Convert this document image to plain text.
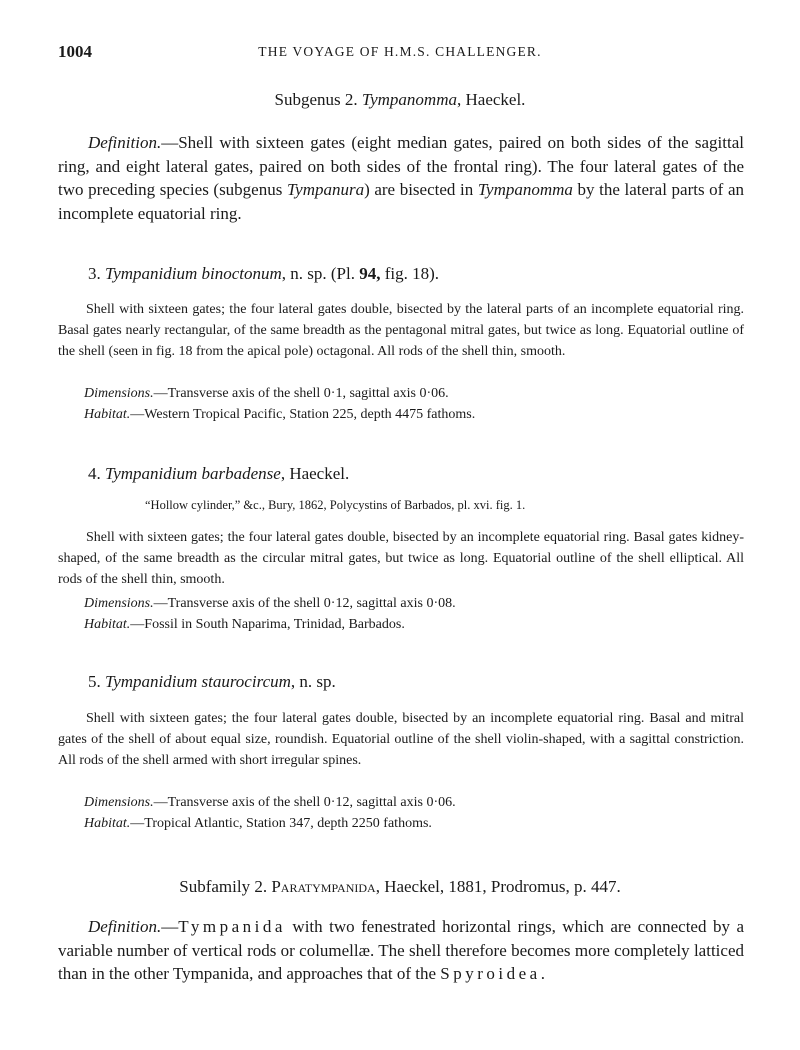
1004	THE VOYAGE OF H.M.S. CHALLENGER.
Subgenus 2. Tympanomma, Haeckel.

Definition.—Shell with sixteen gates (eight median gates, paired on both sides of the sagittal ring, and eight lateral gates, paired on both sides of the frontal ring). The four lateral gates of the two preceding species (subgenus Tympanura) are bisected in Tympanomma by the lateral parts of an incomplete equatorial ring.

3. Tympanidium binoctonum, n. sp. (Pl. 94, fig. 18).

Shell with sixteen gates; the four lateral gates double, bisected by the lateral parts of an incomplete equatorial ring. Basal gates nearly rectangular, of the same breadth as the pentagonal mitral gates, but twice as long. Equatorial outline of the shell (seen in fig. 18 from the apical pole) octagonal. All rods of the shell thin, smooth.

Dimensions.—Transverse axis of the shell 0·1, sagittal axis 0·06.
Habitat.—Western Tropical Pacific, Station 225, depth 4475 fathoms.
4. Tympanidium barbadense, Haeckel.
“Hollow cylinder,” &c., Bury, 1862, Polycystins of Barbados, pl. xvi. fig. 1.

Shell with sixteen gates; the four lateral gates double, bisected by an incomplete equatorial ring. Basal gates kidney-shaped, of the same breadth as the circular mitral gates, but twice as long. Equatorial outline of the shell elliptical. All rods of the shell thin, smooth.

Dimensions.—Transverse axis of the shell 0·12, sagittal axis 0·08.
Habitat.—Fossil in South Naparima, Trinidad, Barbados.
5. Tympanidium staurocircum, n. sp.

Shell with sixteen gates; the four lateral gates double, bisected by an incomplete equatorial ring. Basal and mitral gates of the shell of about equal size, roundish. Equatorial outline of the shell violin-shaped, with a sagittal constriction. All rods of the shell armed with short irregular spines.

Dimensions.—Transverse axis of the shell 0·12, sagittal axis 0·06.
Habitat.—Tropical Atlantic, Station 347, depth 2250 fathoms.
Subfamily 2. Paratympanida, Haeckel, 1881, Prodromus, p. 447.

Definition.—Tympanida with two fenestrated horizontal rings, which are connected by a variable number of vertical rods or columellæ. The shell therefore becomes more completely latticed than in the other Tympanida, and approaches that of the Spyroidea.
